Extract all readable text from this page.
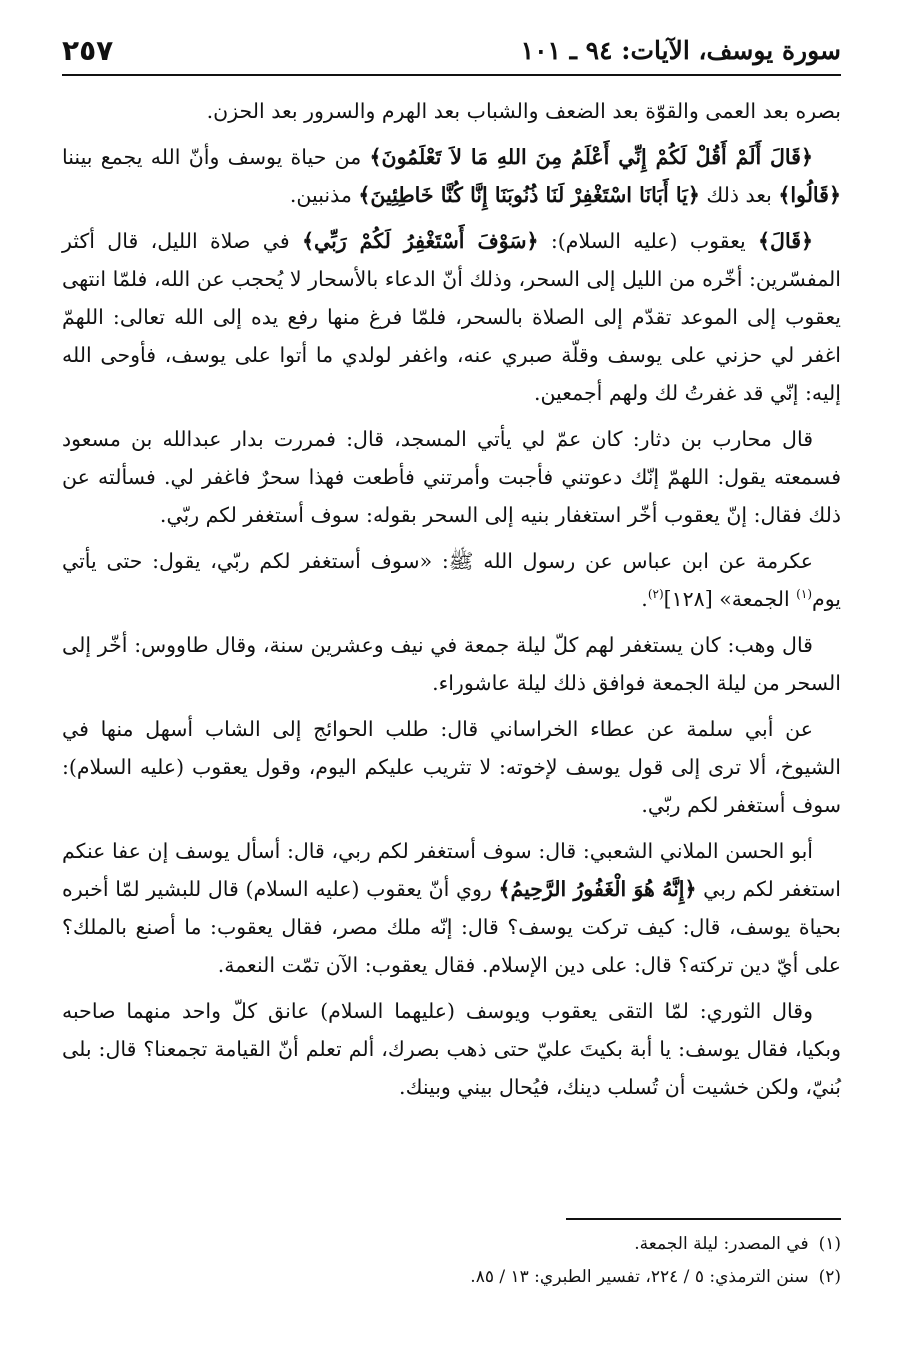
سورة يوسف، الآيات: ٩٤ ـ ١٠١
٢٥٧

بصره بعد العمى والقوّة بعد الضعف والشباب بعد الهرم والسرور بعد الحزن.

﴿قَالَ أَلَمْ أَقُلْ لَكُمْ إِنِّي أَعْلَمُ مِنَ اللهِ مَا لاَ تَعْلَمُونَ﴾ من حياة يوسف وأنّ الله يجمع بيننا ﴿قَالُوا﴾ بعد ذلك ﴿يَا أَبَانَا اسْتَغْفِرْ لَنَا ذُنُوبَنَا إِنَّا كُنَّا خَاطِئِينَ﴾ مذنبين.

﴿قَالَ﴾ يعقوب (عليه السلام): ﴿سَوْفَ أَسْتَغْفِرُ لَكُمْ رَبِّي﴾ في صلاة الليل، قال أكثر المفسّرين: أخّره من الليل إلى السحر، وذلك أنّ الدعاء بالأسحار لا يُحجب عن الله، فلمّا انتهى يعقوب إلى الموعد تقدّم إلى الصلاة بالسحر، فلمّا فرغ منها رفع يده إلى الله تعالى: اللهمّ اغفر لي حزني على يوسف وقلّة صبري عنه، واغفر لولدي ما أتوا على يوسف، فأوحى الله إليه: إنّي قد غفرتُ لك ولهم أجمعين.

قال محارب بن دثار: كان عمّ لي يأتي المسجد، قال: فمررت بدار عبدالله بن مسعود فسمعته يقول: اللهمّ إنّك دعوتني فأجبت وأمرتني فأطعت فهذا سحرٌ فاغفر لي. فسألته عن ذلك فقال: إنّ يعقوب أخّر استغفار بنيه إلى السحر بقوله: سوف أستغفر لكم ربّي.

عكرمة عن ابن عباس عن رسول الله ﷺ: «سوف أستغفر لكم ربّي، يقول: حتى يأتي يوم$^{(١)}$ الجمعة» [١٢٨]$^{(٢)}$.

قال وهب: كان يستغفر لهم كلّ ليلة جمعة في نيف وعشرين سنة، وقال طاووس: أخّر إلى السحر من ليلة الجمعة فوافق ذلك ليلة عاشوراء.

عن أبي سلمة عن عطاء الخراساني قال: طلب الحوائج إلى الشاب أسهل منها في الشيوخ، ألا ترى إلى قول يوسف لإخوته: لا تثريب عليكم اليوم، وقول يعقوب (عليه السلام): سوف أستغفر لكم ربّي.

أبو الحسن الملاني الشعبي: قال: سوف أستغفر لكم ربي، قال: أسأل يوسف إن عفا عنكم استغفر لكم ربي ﴿إِنَّهُ هُوَ الْغَفُورُ الرَّحِيمُ﴾ روي أنّ يعقوب (عليه السلام) قال للبشير لمّا أخبره بحياة يوسف، قال: كيف تركت يوسف؟ قال: إنّه ملك مصر، فقال يعقوب: ما أصنع بالملك؟ على أيّ دين تركته؟ قال: على دين الإسلام. فقال يعقوب: الآن تمّت النعمة.

وقال الثوري: لمّا التقى يعقوب ويوسف (عليهما السلام) عانق كلّ واحد منهما صاحبه وبكيا، فقال يوسف: يا أبة بكيتَ عليّ حتى ذهب بصرك، ألم تعلم أنّ القيامة تجمعنا؟ قال: بلى بُنيّ، ولكن خشيت أن تُسلب دينك، فيُحال بيني وبينك.

(١)في المصدر: ليلة الجمعة.

(٢)سنن الترمذي: ٥ / ٢٢٤، تفسير الطبري: ١٣ / ٨٥.
